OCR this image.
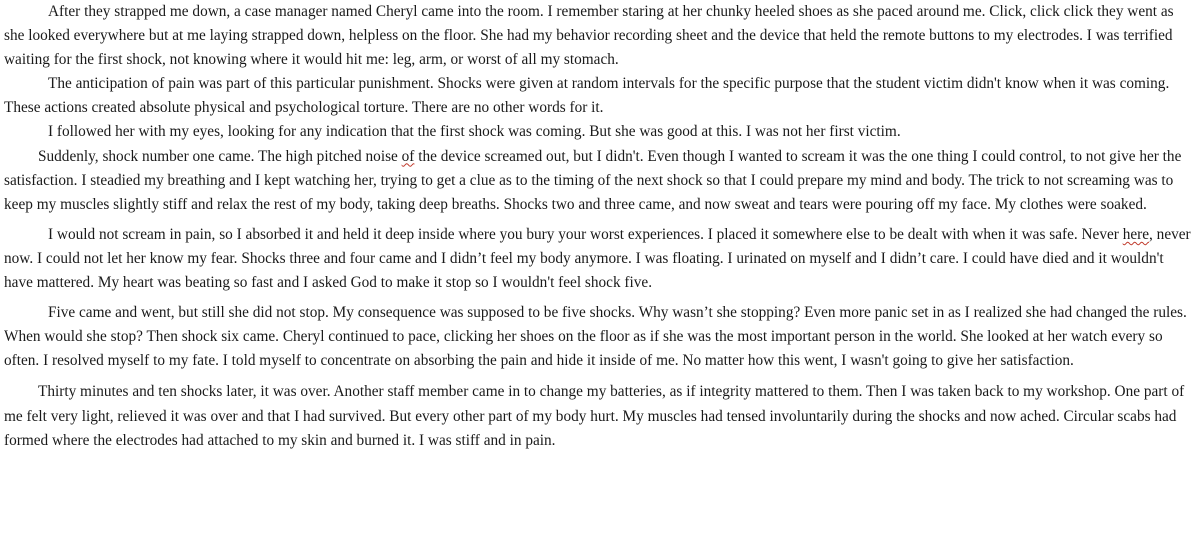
After they strapped me down, a case manager named Cheryl came into the room. I remember staring at her chunky heeled shoes as she paced around me. Click, click click they went as she looked everywhere but at me laying strapped down, helpless on the floor. She had my behavior recording sheet and the device that held the remote buttons to my electrodes. I was terrified waiting for the first shock, not knowing where it would hit me: leg, arm, or worst of all my stomach.

The anticipation of pain was part of this particular punishment. Shocks were given at random intervals for the specific purpose that the student victim didn't know when it was coming. These actions created absolute physical and psychological torture. There are no other words for it.

I followed her with my eyes, looking for any indication that the first shock was coming. But she was good at this. I was not her first victim.

Suddenly, shock number one came. The high pitched noise of the device screamed out, but I didn't. Even though I wanted to scream it was the one thing I could control, to not give her the satisfaction. I steadied my breathing and I kept watching her, trying to get a clue as to the timing of the next shock so that I could prepare my mind and body. The trick to not screaming was to keep my muscles slightly stiff and relax the rest of my body, taking deep breaths. Shocks two and three came, and now sweat and tears were pouring off my face. My clothes were soaked.

I would not scream in pain, so I absorbed it and held it deep inside where you bury your worst experiences. I placed it somewhere else to be dealt with when it was safe. Never here, never now. I could not let her know my fear. Shocks three and four came and I didn’t feel my body anymore. I was floating. I urinated on myself and I didn’t care. I could have died and it wouldn't have mattered. My heart was beating so fast and I asked God to make it stop so I wouldn't feel shock five.

Five came and went, but still she did not stop. My consequence was supposed to be five shocks. Why wasn’t she stopping? Even more panic set in as I realized she had changed the rules. When would she stop? Then shock six came. Cheryl continued to pace, clicking her shoes on the floor as if she was the most important person in the world. She looked at her watch every so often. I resolved myself to my fate. I told myself to concentrate on absorbing the pain and hide it inside of me. No matter how this went, I wasn't going to give her satisfaction.

Thirty minutes and ten shocks later, it was over. Another staff member came in to change my batteries, as if integrity mattered to them. Then I was taken back to my workshop. One part of me felt very light, relieved it was over and that I had survived. But every other part of my body hurt. My muscles had tensed involuntarily during the shocks and now ached. Circular scabs had formed where the electrodes had attached to my skin and burned it. I was stiff and in pain.
